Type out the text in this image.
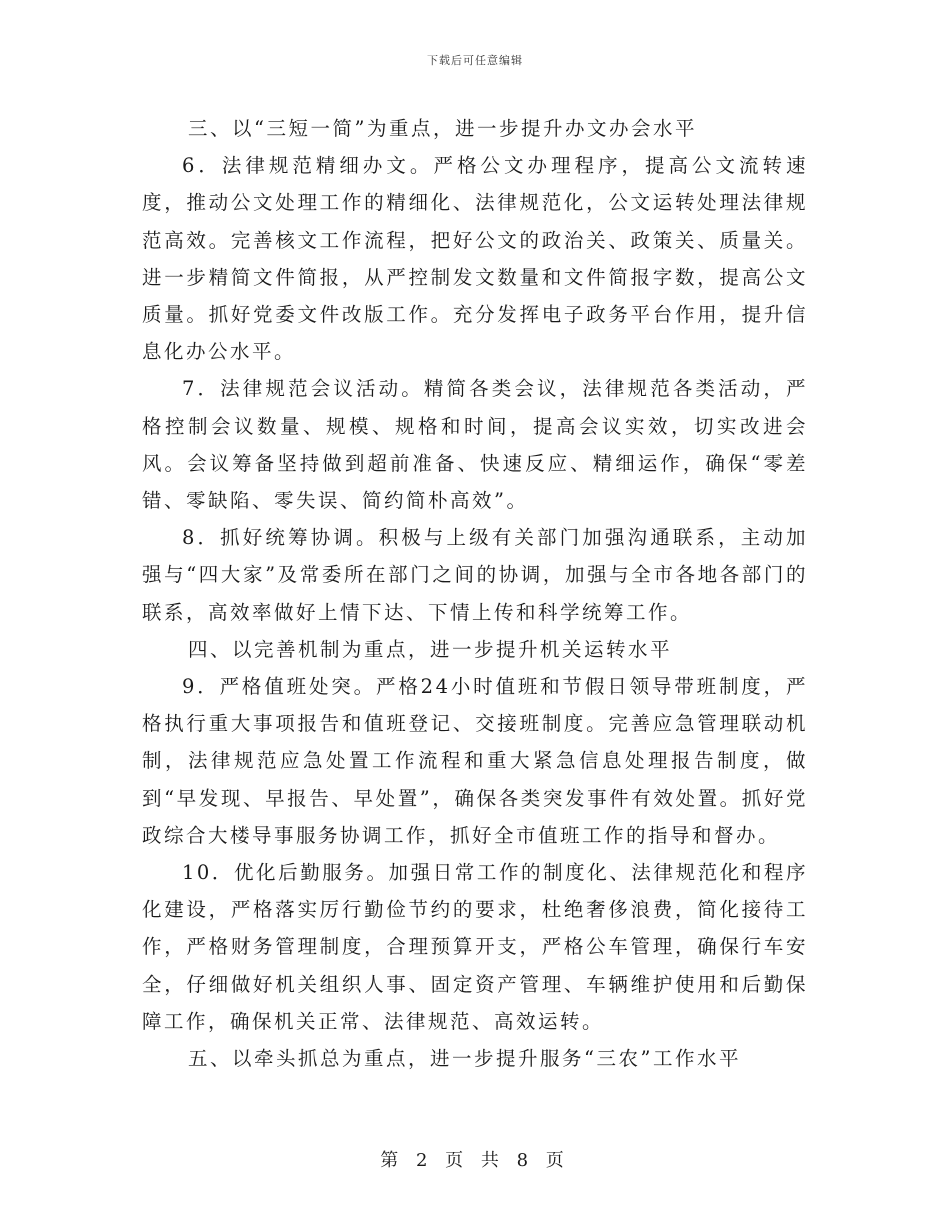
下载后可任意编辑

三、以“三短一简”为重点，进一步提升办文办会水平

6．法律规范精细办文。严格公文办理程序，提高公文流转速度，推动公文处理工作的精细化、法律规范化，公文运转处理法律规范高效。完善核文工作流程，把好公文的政治关、政策关、质量关。进一步精简文件简报，从严控制发文数量和文件简报字数，提高公文质量。抓好党委文件改版工作。充分发挥电子政务平台作用，提升信息化办公水平。

7．法律规范会议活动。精简各类会议，法律规范各类活动，严格控制会议数量、规模、规格和时间，提高会议实效，切实改进会风。会议筹备坚持做到超前准备、快速反应、精细运作，确保“零差错、零缺陷、零失误、简约简朴高效”。

8．抓好统筹协调。积极与上级有关部门加强沟通联系，主动加强与“四大家”及常委所在部门之间的协调，加强与全市各地各部门的联系，高效率做好上情下达、下情上传和科学统筹工作。

四、以完善机制为重点，进一步提升机关运转水平

9．严格值班处突。严格24小时值班和节假日领导带班制度，严格执行重大事项报告和值班登记、交接班制度。完善应急管理联动机制，法律规范应急处置工作流程和重大紧急信息处理报告制度，做到“早发现、早报告、早处置”，确保各类突发事件有效处置。抓好党政综合大楼导事服务协调工作，抓好全市值班工作的指导和督办。

10．优化后勤服务。加强日常工作的制度化、法律规范化和程序化建设，严格落实厉行勤俭节约的要求，杜绝奢侈浪费，简化接待工作，严格财务管理制度，合理预算开支，严格公车管理，确保行车安全，仔细做好机关组织人事、固定资产管理、车辆维护使用和后勤保障工作，确保机关正常、法律规范、高效运转。

五、以牵头抓总为重点，进一步提升服务“三农”工作水平

第 2 页 共 8 页
